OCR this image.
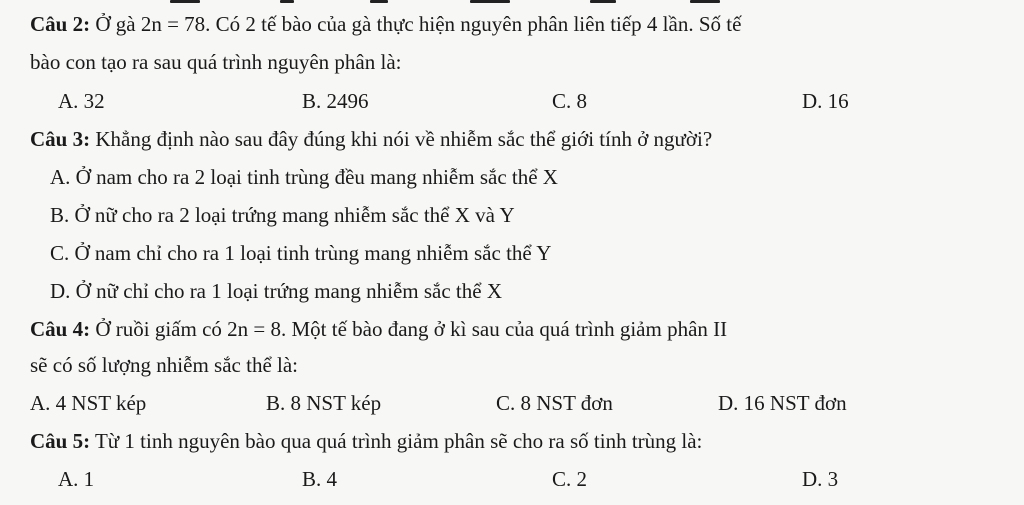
Câu 2: Ở gà 2n = 78. Có 2 tế bào của gà thực hiện nguyên phân liên tiếp 4 lần. Số tế
bào con tạo ra sau quá trình nguyên phân là:
A. 32	B. 2496	C. 8	D. 16
Câu 3: Khẳng định nào sau đây đúng khi nói về nhiễm sắc thể giới tính ở người?
A. Ở nam cho ra 2 loại tinh trùng đều mang nhiễm sắc thể X
B. Ở nữ cho ra 2 loại trứng mang nhiễm sắc thể X và Y
C. Ở nam chỉ cho ra 1 loại tinh trùng mang nhiễm sắc thể Y
D. Ở nữ chỉ cho ra 1 loại trứng mang nhiễm sắc thể X
Câu 4: Ở ruồi giấm có 2n = 8. Một tế bào đang ở kì sau của quá trình giảm phân II
sẽ có số lượng nhiễm sắc thể là:
A. 4 NST kép	B. 8 NST kép	C. 8 NST đơn	D. 16 NST đơn
Câu 5: Từ 1 tinh nguyên bào qua quá trình giảm phân sẽ cho ra số tinh trùng là:
A. 1	B. 4	C. 2	D. 3
